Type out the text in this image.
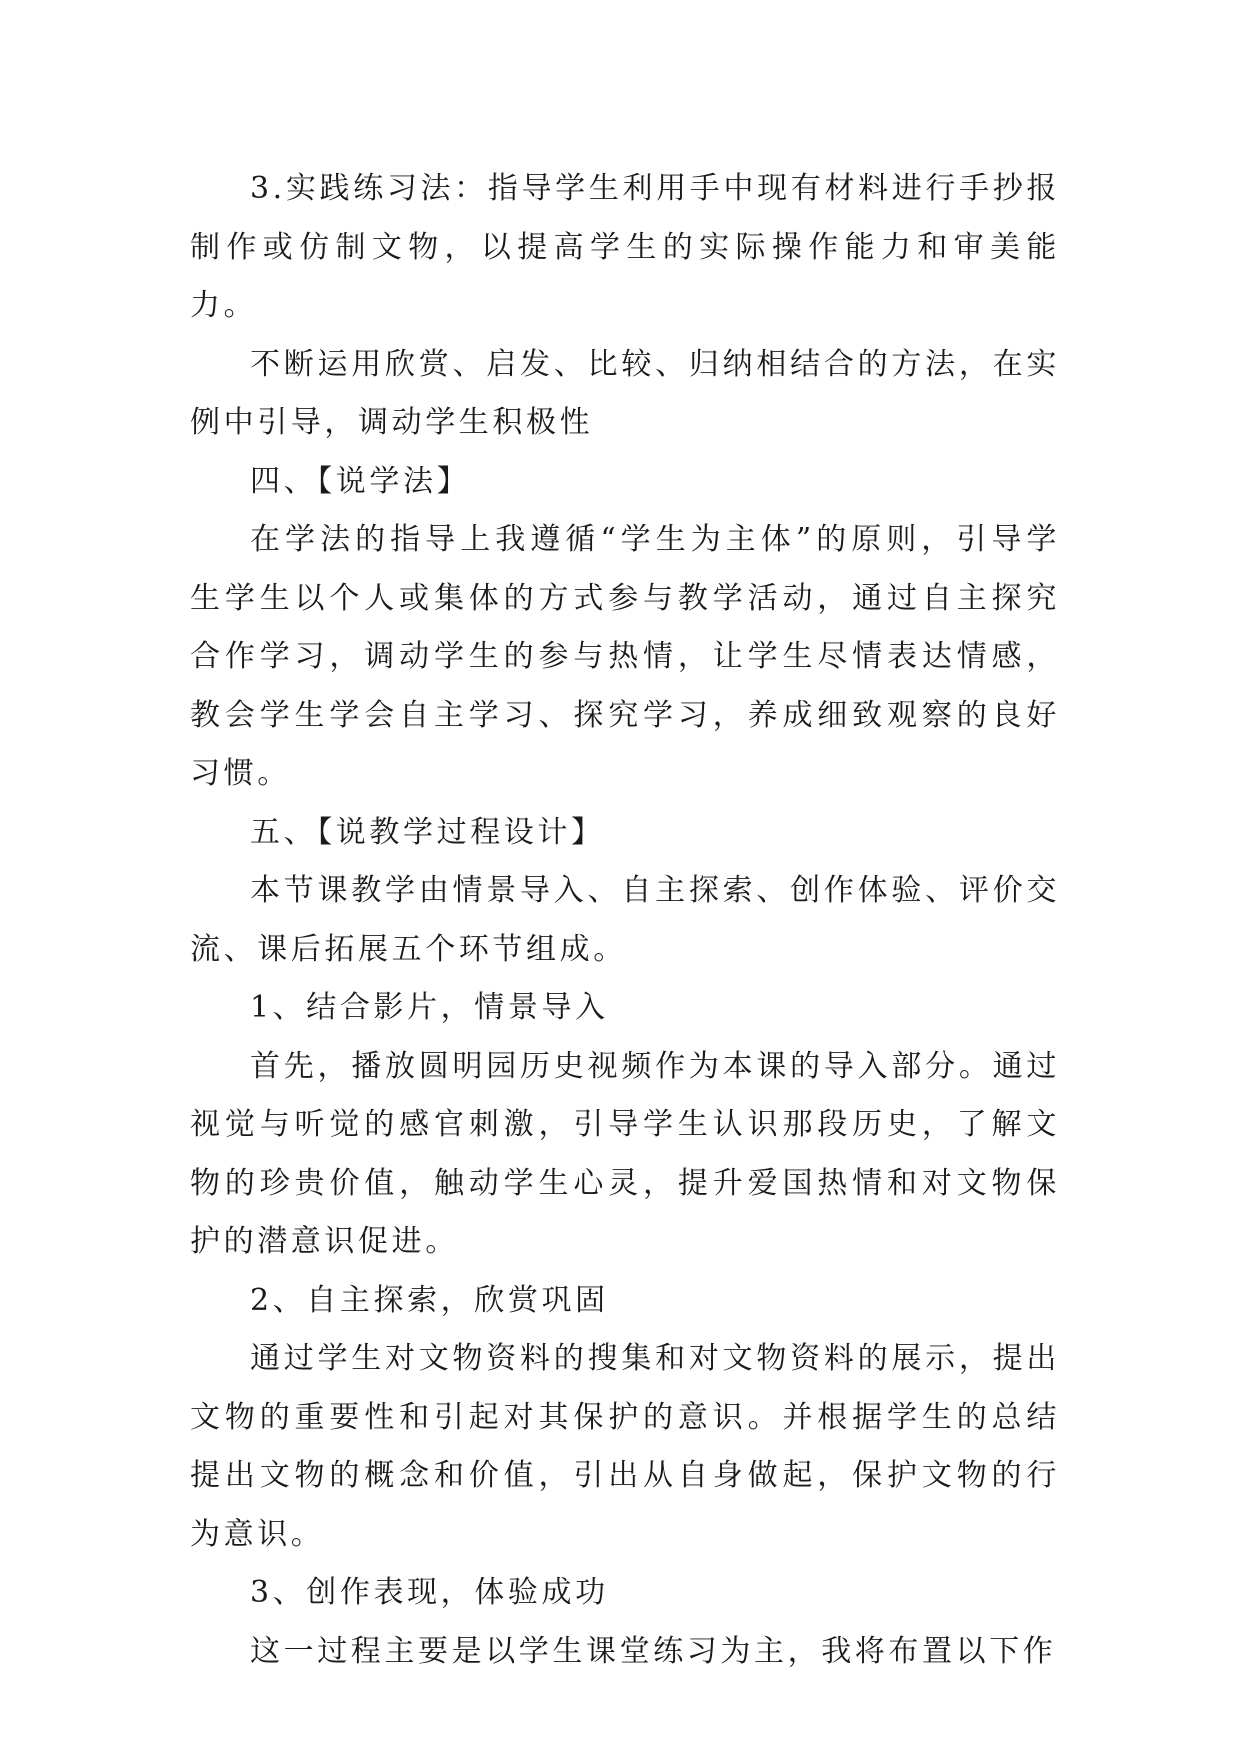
3.实践练习法：指导学生利用手中现有材料进行手抄报制作或仿制文物，以提高学生的实际操作能力和审美能力。

不断运用欣赏、启发、比较、归纳相结合的方法，在实例中引导，调动学生积极性

四、【说学法】

在学法的指导上我遵循“学生为主体”的原则，引导学生学生以个人或集体的方式参与教学活动，通过自主探究合作学习，调动学生的参与热情，让学生尽情表达情感，教会学生学会自主学习、探究学习，养成细致观察的良好习惯。

五、【说教学过程设计】

本节课教学由情景导入、自主探索、创作体验、评价交流、课后拓展五个环节组成。

1、结合影片，情景导入

首先，播放圆明园历史视频作为本课的导入部分。通过视觉与听觉的感官刺激，引导学生认识那段历史，了解文物的珍贵价值，触动学生心灵，提升爱国热情和对文物保护的潜意识促进。

2、自主探索，欣赏巩固

通过学生对文物资料的搜集和对文物资料的展示，提出文物的重要性和引起对其保护的意识。并根据学生的总结提出文物的概念和价值，引出从自身做起，保护文物的行为意识。

3、创作表现，体验成功

这一过程主要是以学生课堂练习为主，我将布置以下作
